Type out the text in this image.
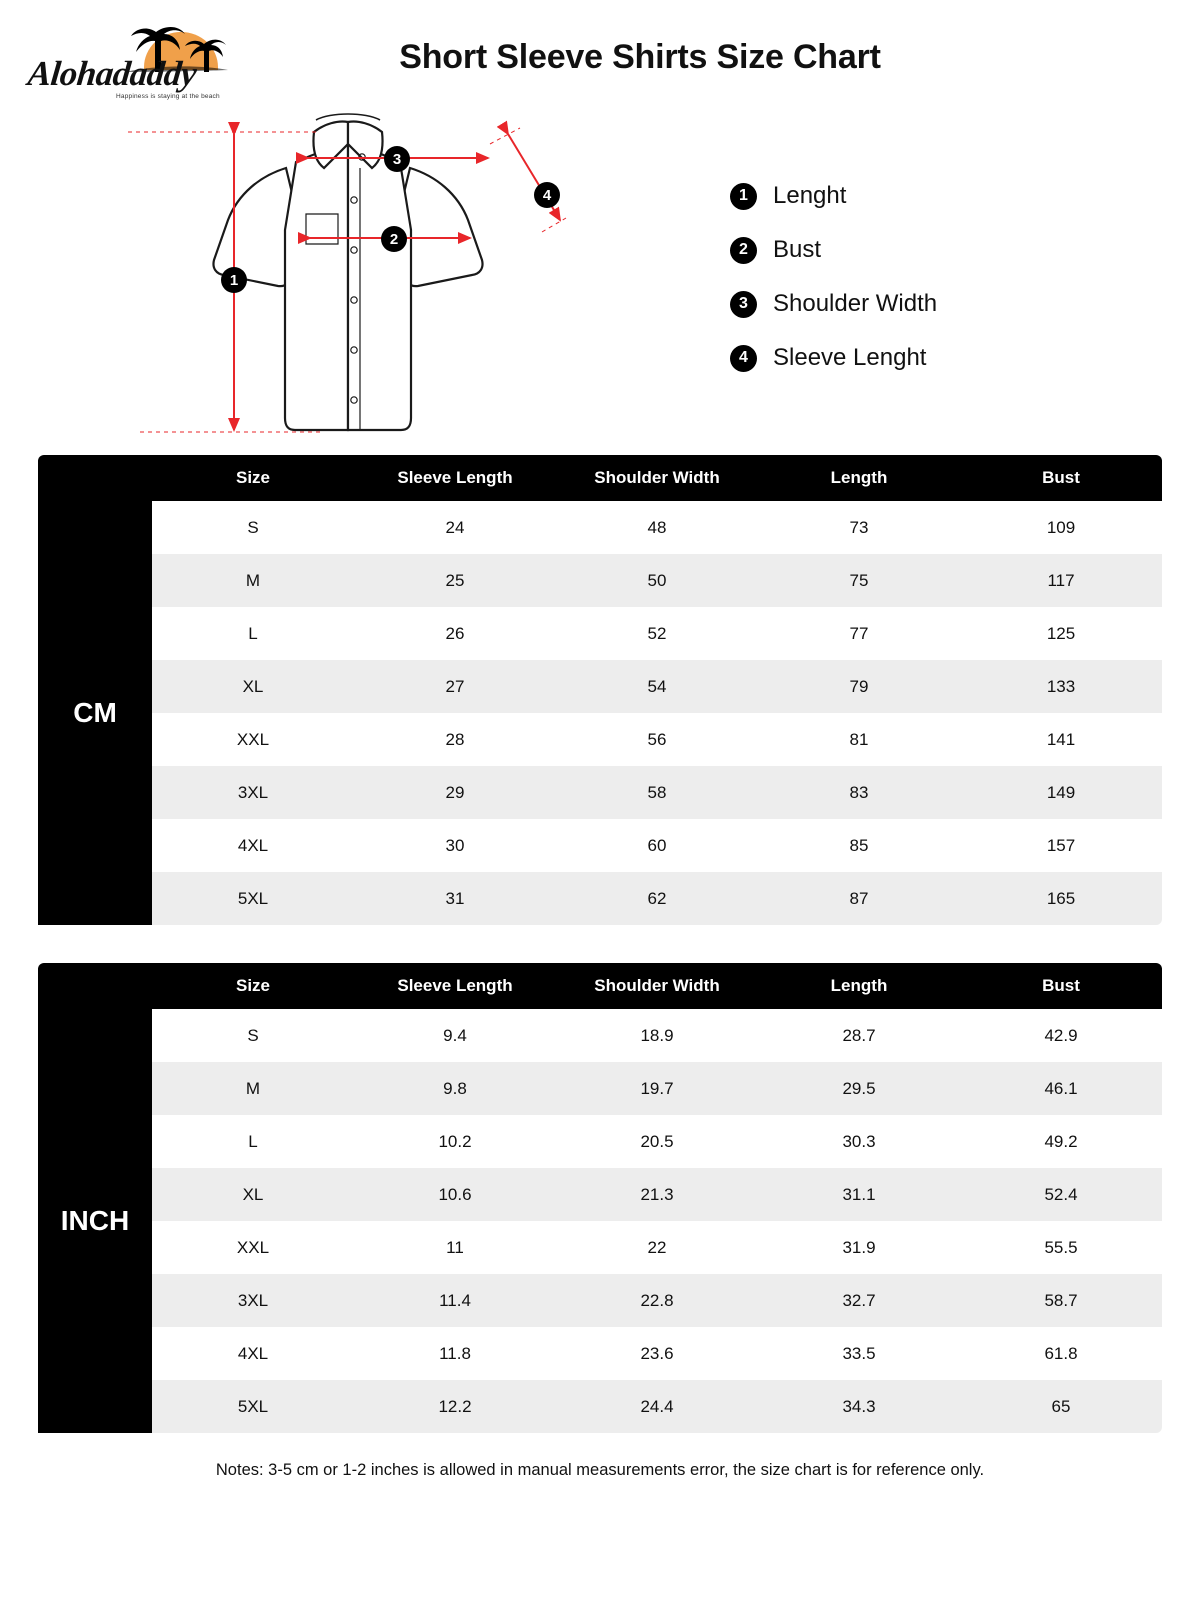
Alohadaddy
Happiness is staying at the beach
Short Sleeve Shirts Size Chart
3
4
2
1
1	Lenght
2	Bust
3	Shoulder Width
4	Sleeve Lenght
	Size	Sleeve Length	Shoulder Width	Length	Bust
CM	S	24	48	73	109
	M	25	50	75	117
	L	26	52	77	125
	XL	27	54	79	133
	XXL	28	56	81	141
	3XL	29	58	83	149
	4XL	30	60	85	157
	5XL	31	62	87	165
	Size	Sleeve Length	Shoulder Width	Length	Bust
INCH	S	9.4	18.9	28.7	42.9
	M	9.8	19.7	29.5	46.1
	L	10.2	20.5	30.3	49.2
	XL	10.6	21.3	31.1	52.4
	XXL	11	22	31.9	55.5
	3XL	11.4	22.8	32.7	58.7
	4XL	11.8	23.6	33.5	61.8
	5XL	12.2	24.4	34.3	65
Notes: 3-5 cm or 1-2 inches is allowed in manual measurements error, the size chart is for reference only.
